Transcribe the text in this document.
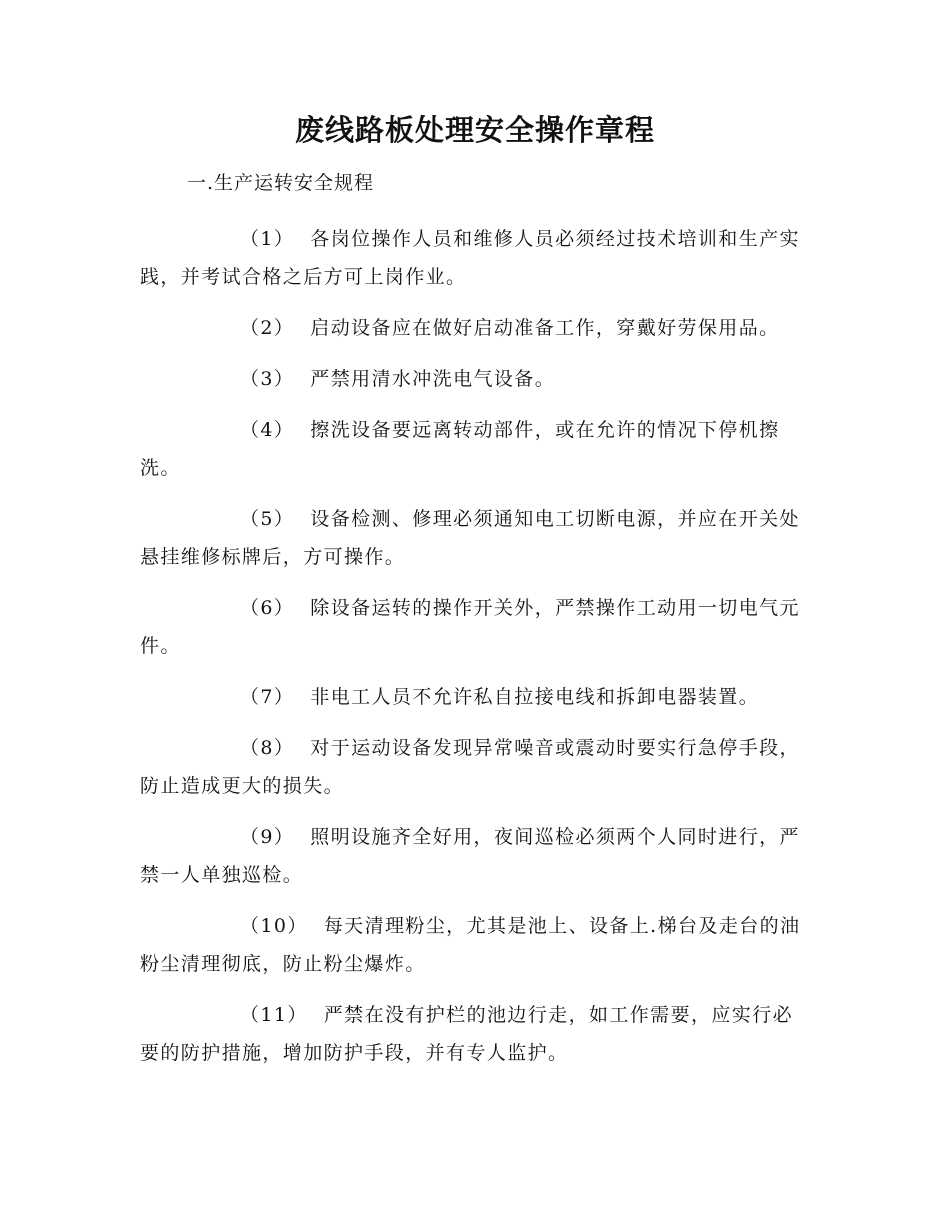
废线路板处理安全操作章程

一.生产运转安全规程

（1） 各岗位操作人员和维修人员必须经过技术培训和生产实践，并考试合格之后方可上岗作业。

（2） 启动设备应在做好启动准备工作，穿戴好劳保用品。

（3） 严禁用清水冲洗电气设备。

（4） 擦洗设备要远离转动部件，或在允许的情况下停机擦洗。

（5） 设备检测、修理必须通知电工切断电源，并应在开关处悬挂维修标牌后，方可操作。

（6） 除设备运转的操作开关外，严禁操作工动用一切电气元件。

（7） 非电工人员不允许私自拉接电线和拆卸电器装置。

（8） 对于运动设备发现异常噪音或震动时要实行急停手段，防止造成更大的损失。

（9） 照明设施齐全好用，夜间巡检必须两个人同时进行，严禁一人单独巡检。

（10） 每天清理粉尘，尤其是池上、设备上.梯台及走台的油粉尘清理彻底，防止粉尘爆炸。

（11） 严禁在没有护栏的池边行走，如工作需要，应实行必要的防护措施，增加防护手段，并有专人监护。
